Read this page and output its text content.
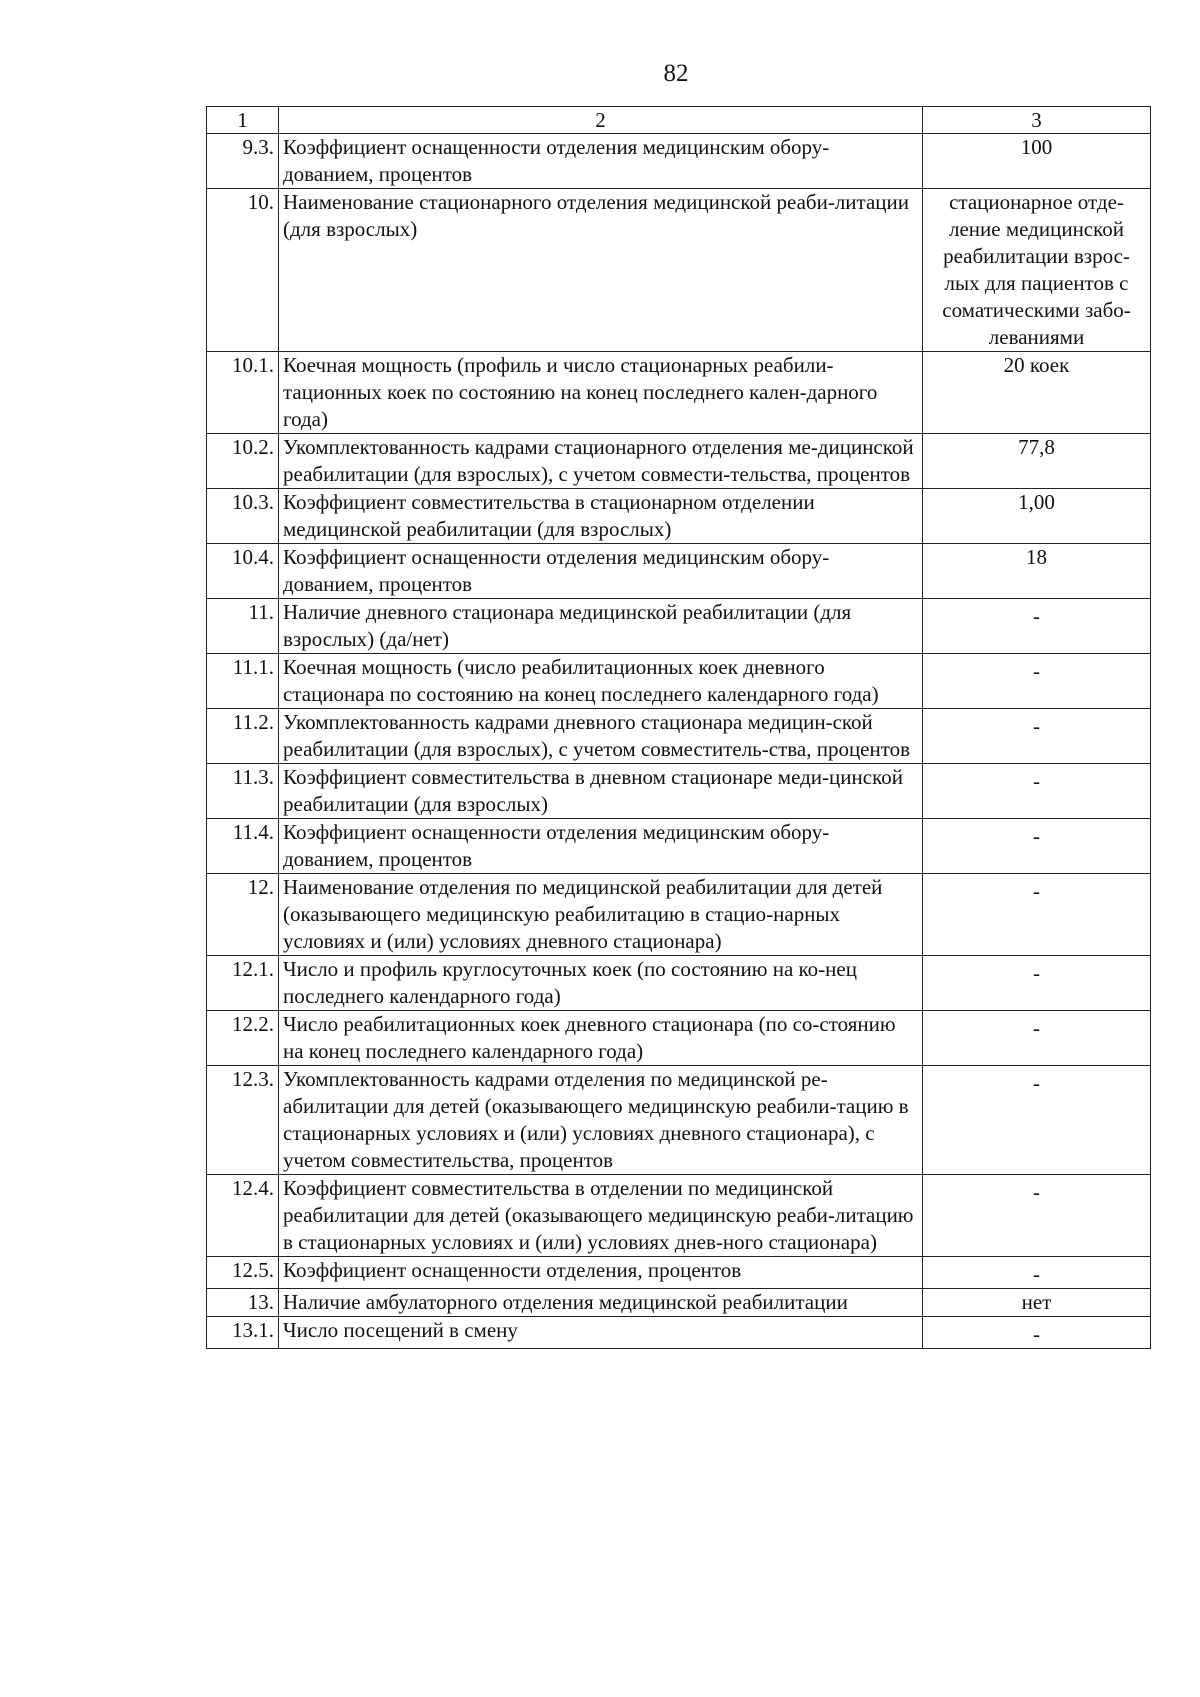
82
1	2	3
9.3.	Коэффициент оснащенности отделения медицинским обору-дованием, процентов	100
10.	Наименование стационарного отделения медицинской реаби-литации (для взрослых)	стационарное отде-ление медицинской реабилитации взрос-лых для пациентов с соматическими забо-леваниями
10.1.	Коечная мощность (профиль и число стационарных реабили-тационных коек по состоянию на конец последнего кален-дарного года)	20 коек
10.2.	Укомплектованность кадрами стационарного отделения ме-дицинской реабилитации (для взрослых), с учетом совмести-тельства, процентов	77,8
10.3.	Коэффициент совместительства в стационарном отделении медицинской реабилитации (для взрослых)	1,00
10.4.	Коэффициент оснащенности отделения медицинским обору-дованием, процентов	18
11.	Наличие дневного стационара медицинской реабилитации (для взрослых) (да/нет)	-
11.1.	Коечная мощность (число реабилитационных коек дневного стационара по состоянию на конец последнего календарного года)	-
11.2.	Укомплектованность кадрами дневного стационара медицин-ской реабилитации (для взрослых), с учетом совместитель-ства, процентов	-
11.3.	Коэффициент совместительства в дневном стационаре меди-цинской реабилитации (для взрослых)	-
11.4.	Коэффициент оснащенности отделения медицинским обору-дованием, процентов	-
12.	Наименование отделения по медицинской реабилитации для детей (оказывающего медицинскую реабилитацию в стацио-нарных условиях и (или) условиях дневного стационара)	-
12.1.	Число и профиль круглосуточных коек (по состоянию на ко-нец последнего календарного года)	-
12.2.	Число реабилитационных коек дневного стационара (по со-стоянию на конец последнего календарного года)	-
12.3.	Укомплектованность кадрами отделения по медицинской ре-абилитации для детей (оказывающего медицинскую реабили-тацию в стационарных условиях и (или) условиях дневного стационара), с учетом совместительства, процентов	-
12.4.	Коэффициент совместительства в отделении по медицинской реабилитации для детей (оказывающего медицинскую реаби-литацию в стационарных условиях и (или) условиях днев-ного стационара)	-
12.5.	Коэффициент оснащенности отделения, процентов	-
13.	Наличие амбулаторного отделения медицинской реабилитации	нет
13.1.	Число посещений в смену	-
